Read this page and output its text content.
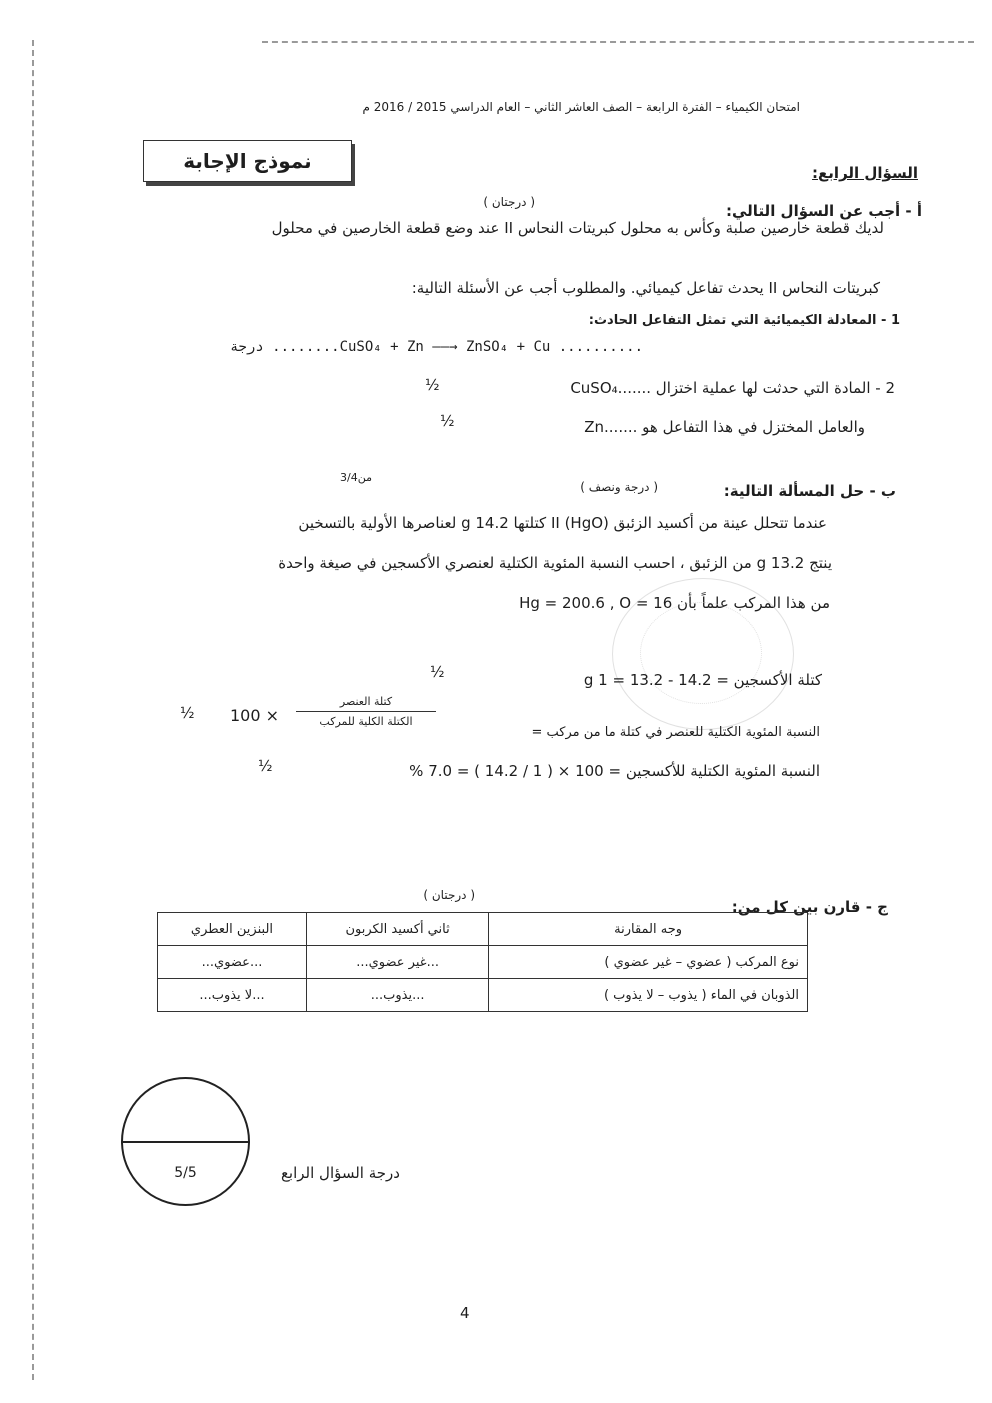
امتحان الكيمياء – الفترة الرابعة – الصف العاشر الثاني – العام الدراسي 2015 / 2016 م
نموذج الإجابة	السؤال الرابع:
( درجتان )	أ - أجب عن السؤال التالي:
لديك قطعة خارصين صلبة وكأس به محلول كبريتات النحاس II عند وضع قطعة الخارصين في محلول
كبريتات النحاس II يحدث تفاعل كيميائي. والمطلوب أجب عن الأسئلة التالية:
1 - المعادلة الكيميائية التي تمثل التفاعل الحادث:
درجة ........CuSO₄ + Zn ——→ ZnSO₄ + Cu ..........
2 - المادة التي حدثت لها عملية اختزال .......CuSO₄
½
والعامل المختزل في هذا التفاعل هو .......Zn
½
من3/4
( درجة ونصف )	ب - حل المسألة التالية:
عندما تتحلل عينة من أكسيد الزئبق II (HgO) كتلتها 14.2 g لعناصرها الأولية بالتسخين
ينتج 13.2 g من الزئبق ، احسب النسبة المئوية الكتلية لعنصري الأكسجين في صيغة واحدة
من هذا المركب علماً بأن Hg = 200.6 , O = 16
½	كتلة الأكسجين = 14.2 - 13.2 = 1 g
½ 100 ×
كتلة العنصر
الكتلة الكلية للمركب
النسبة المئوية الكتلية للعنصر في كتلة ما من مركب =
½	النسبة المئوية الكتلية للأكسجين = 100 × ( 1 / 14.2 ) = 7.0 %
( درجتان )
ج - قارن بين كل من:
البنزين العطري	ثاني أكسيد الكربون	وجه المقارنة
...عضوي...	...غير عضوي...	نوع المركب ( عضوي – غير عضوي )
...لا يذوب...	...يذوب...	الذوبان في الماء ( يذوب – لا يذوب )
5/5	درجة السؤال الرابع
4
